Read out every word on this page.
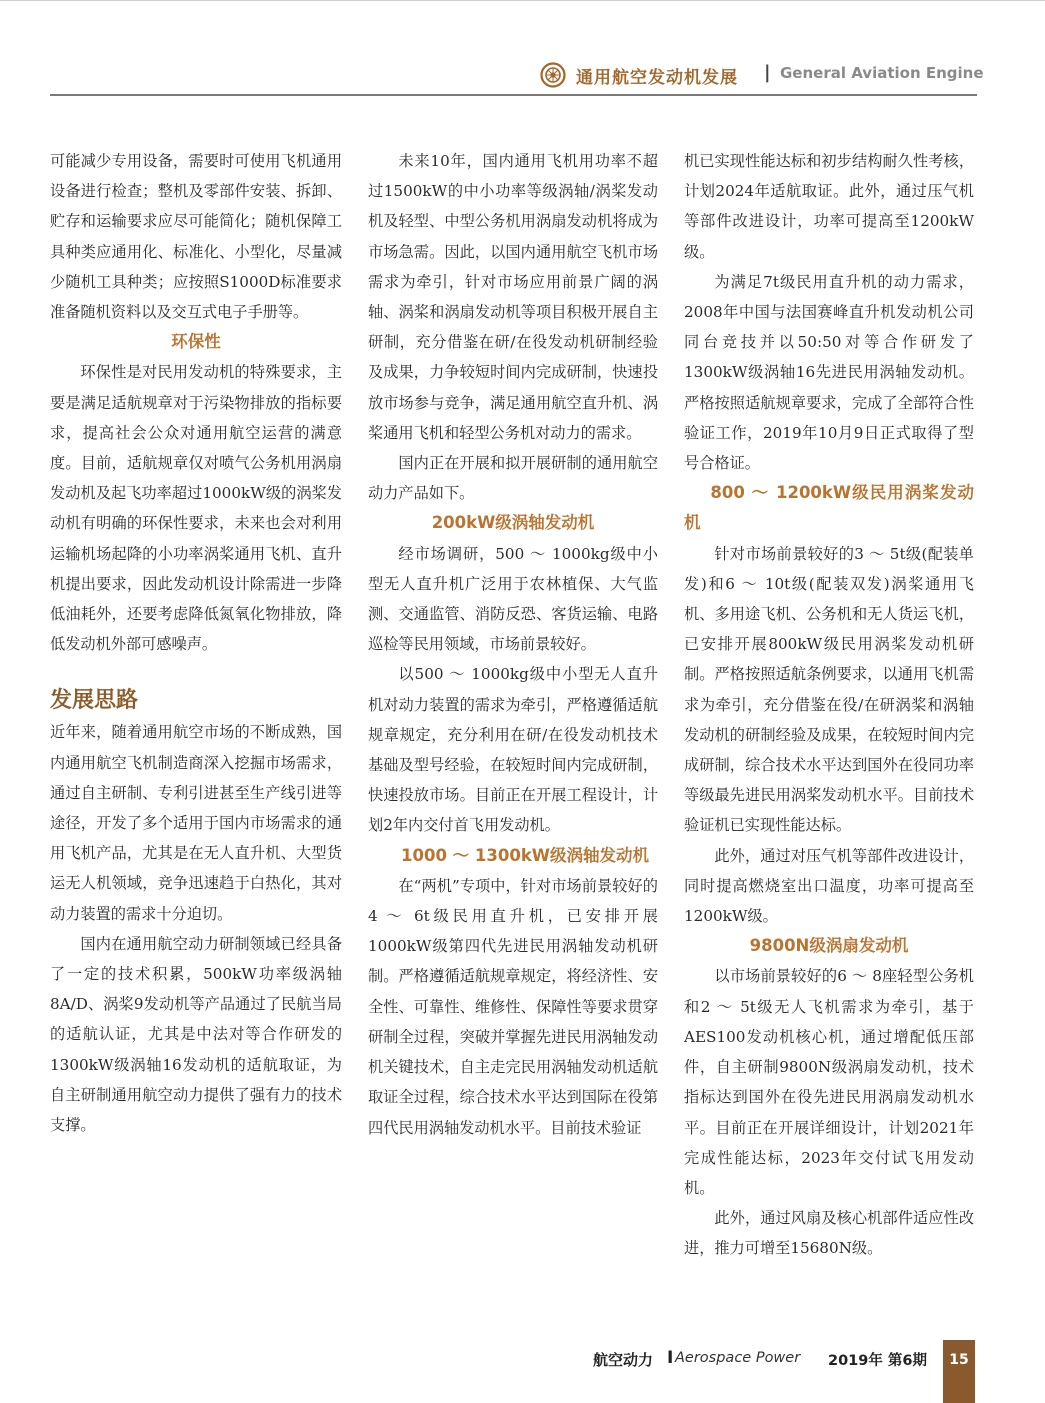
通用航空发动机发展 | General Aviation Engine

可能减少专用设备，需要时可使用飞机通用设备进行检查；整机及零部件安装、拆卸、贮存和运输要求应尽可能简化；随机保障工具种类应通用化、标准化、小型化，尽量减少随机工具种类；应按照S1000D标准要求准备随机资料以及交互式电子手册等。

环保性

环保性是对民用发动机的特殊要求，主要是满足适航规章对于污染物排放的指标要求，提高社会公众对通用航空运营的满意度。目前，适航规章仅对喷气公务机用涡扇发动机及起飞功率超过1000kW级的涡桨发动机有明确的环保性要求，未来也会对利用运输机场起降的小功率涡桨通用飞机、直升机提出要求，因此发动机设计除需进一步降低油耗外，还要考虑降低氮氧化物排放，降低发动机外部可感噪声。

发展思路

近年来，随着通用航空市场的不断成熟，国内通用航空飞机制造商深入挖掘市场需求，通过自主研制、专利引进甚至生产线引进等途径，开发了多个适用于国内市场需求的通用飞机产品，尤其是在无人直升机、大型货运无人机领域，竞争迅速趋于白热化，其对动力装置的需求十分迫切。

国内在通用航空动力研制领域已经具备了一定的技术积累，500kW功率级涡轴8A/D、涡桨9发动机等产品通过了民航当局的适航认证，尤其是中法对等合作研发的1300kW级涡轴16发动机的适航取证，为自主研制通用航空动力提供了强有力的技术支撑。

未来10年，国内通用飞机用功率不超过1500kW的中小功率等级涡轴/涡桨发动机及轻型、中型公务机用涡扇发动机将成为市场急需。因此，以国内通用航空飞机市场需求为牵引，针对市场应用前景广阔的涡轴、涡桨和涡扇发动机等项目积极开展自主研制，充分借鉴在研/在役发动机研制经验及成果，力争较短时间内完成研制，快速投放市场参与竞争，满足通用航空直升机、涡桨通用飞机和轻型公务机对动力的需求。

国内正在开展和拟开展研制的通用航空动力产品如下。

200kW级涡轴发动机

经市场调研，500 ～ 1000kg级中小型无人直升机广泛用于农林植保、大气监测、交通监管、消防反恐、客货运输、电路巡检等民用领域，市场前景较好。

以500 ～ 1000kg级中小型无人直升机对动力装置的需求为牵引，严格遵循适航规章规定，充分利用在研/在役发动机技术基础及型号经验，在较短时间内完成研制，快速投放市场。目前正在开展工程设计，计划2年内交付首飞用发动机。

1000 ～ 1300kW级涡轴发动机

在“两机”专项中，针对市场前景较好的4 ～ 6t级民用直升机，已安排开展1000kW级第四代先进民用涡轴发动机研制。严格遵循适航规章规定，将经济性、安全性、可靠性、维修性、保障性等要求贯穿研制全过程，突破并掌握先进民用涡轴发动机关键技术，自主走完民用涡轴发动机适航取证全过程，综合技术水平达到国际在役第四代民用涡轴发动机水平。目前技术验证

机已实现性能达标和初步结构耐久性考核，计划2024年适航取证。此外，通过压气机等部件改进设计，功率可提高至1200kW级。

为满足7t级民用直升机的动力需求，2008年中国与法国赛峰直升机发动机公司同台竞技并以50:50对等合作研发了1300kW级涡轴16先进民用涡轴发动机。严格按照适航规章要求，完成了全部符合性验证工作，2019年10月9日正式取得了型号合格证。

800 ～ 1200kW级民用涡桨发动机

针对市场前景较好的3 ～ 5t级(配装单发)和6 ～ 10t级(配装双发)涡桨通用飞机、多用途飞机、公务机和无人货运飞机，已安排开展800kW级民用涡桨发动机研制。严格按照适航条例要求，以通用飞机需求为牵引，充分借鉴在役/在研涡桨和涡轴发动机的研制经验及成果，在较短时间内完成研制，综合技术水平达到国外在役同功率等级最先进民用涡桨发动机水平。目前技术验证机已实现性能达标。

此外，通过对压气机等部件改进设计，同时提高燃烧室出口温度，功率可提高至1200kW级。

9800N级涡扇发动机

以市场前景较好的6 ～ 8座轻型公务机和2 ～ 5t级无人飞机需求为牵引，基于AES100发动机核心机，通过增配低压部件，自主研制9800N级涡扇发动机，技术指标达到国外在役先进民用涡扇发动机水平。目前正在开展详细设计，计划2021年完成性能达标，2023年交付试飞用发动机。

此外，通过风扇及核心机部件适应性改进，推力可增至15680N级。

航空动力 I Aerospace Power 2019年 第6期	15
